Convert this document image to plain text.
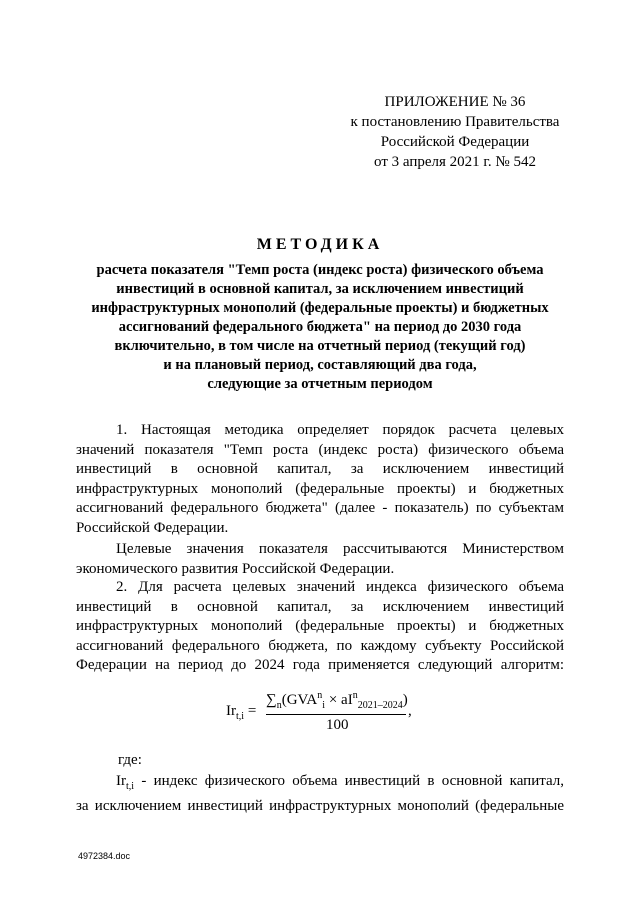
ПРИЛОЖЕНИЕ № 36
к постановлению Правительства
Российской Федерации
от 3 апреля 2021 г. № 542
МЕТОДИКА
расчета показателя "Темп роста (индекс роста) физического объема
инвестиций в основной капитал, за исключением инвестиций
инфраструктурных монополий (федеральные проекты) и бюджетных
ассигнований федерального бюджета" на период до 2030 года
включительно, в том числе на отчетный период (текущий год)
и на плановый период, составляющий два года,
следующие за отчетным периодом
1. Настоящая методика определяет порядок расчета целевых
значений показателя "Темп роста (индекс роста) физического объема
инвестиций в основной капитал, за исключением инвестиций
инфраструктурных монополий (федеральные проекты) и бюджетных
ассигнований федерального бюджета" (далее - показатель) по субъектам
Российской Федерации.
Целевые значения показателя рассчитываются Министерством
экономического развития Российской Федерации.
2. Для расчета целевых значений индекса физического объема
инвестиций в основной капитал, за исключением инвестиций
инфраструктурных монополий (федеральные проекты) и бюджетных
ассигнований федерального бюджета, по каждому субъекту Российской
Федерации на период до 2024 года применяется следующий алгоритм:
$Ir_{t,i}$ =
$\sum_n(GVA^n_i \times aI^n_{2021-2024})$
100
,
где:
$Ir_{t,i}$ - индекс физического объема инвестиций в основной капитал,
за исключением инвестиций инфраструктурных монополий (федеральные
4972384.doc
